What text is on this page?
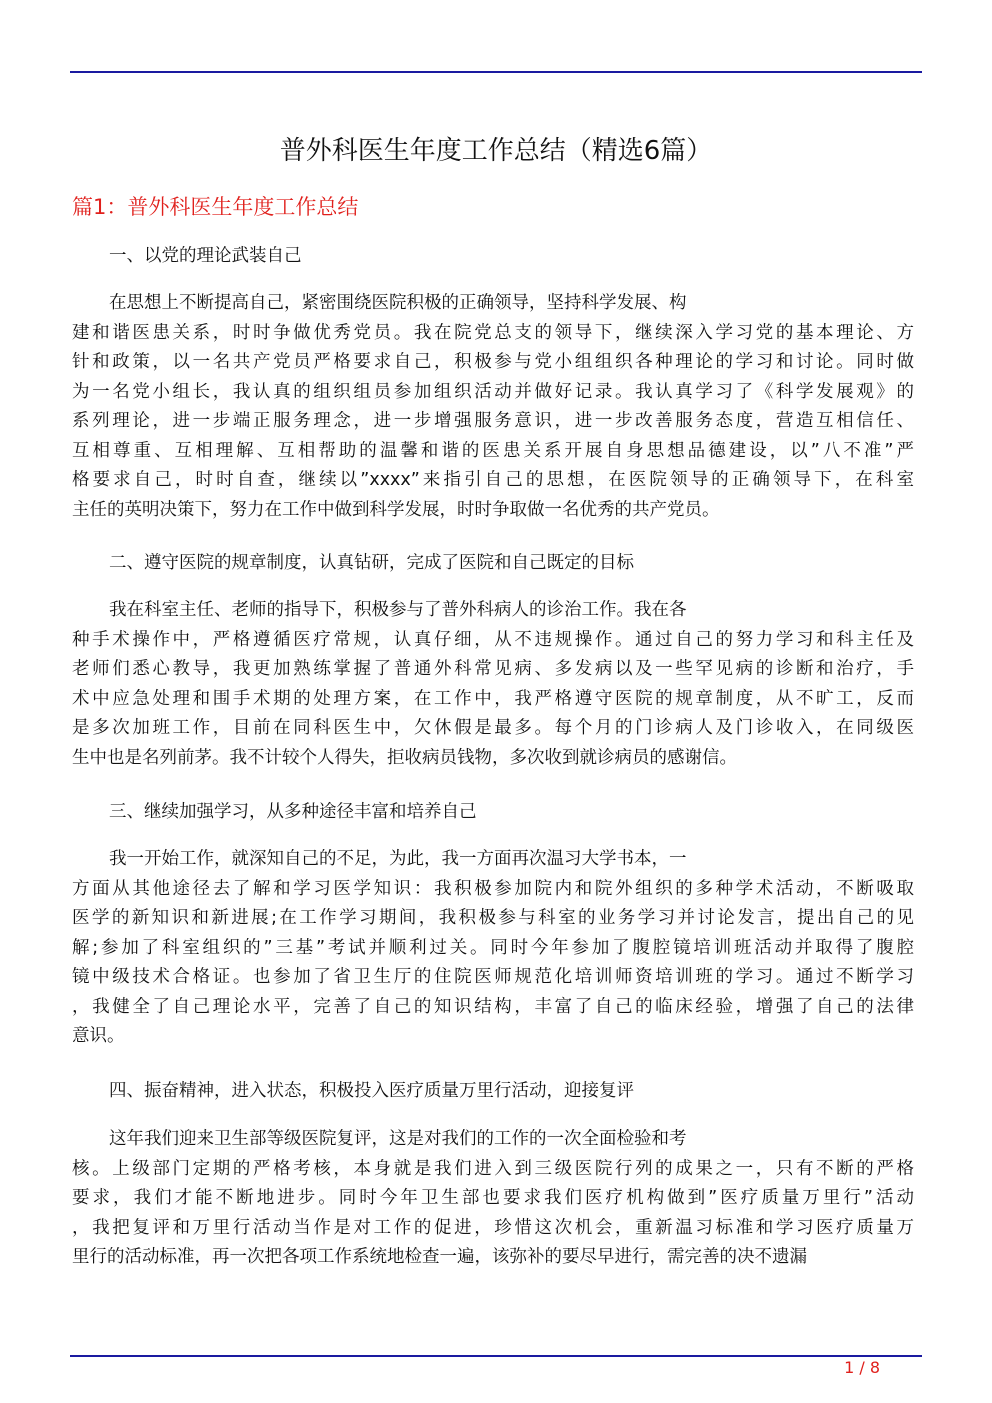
普外科医生年度工作总结（精选6篇）
篇1：普外科医生年度工作总结
一、以党的理论武装自己
在思想上不断提高自己，紧密围绕医院积极的正确领导，坚持科学发展、构
建和谐医患关系，时时争做优秀党员。我在院党总支的领导下，继续深入学习党的基本理论、方
针和政策，以一名共产党员严格要求自己，积极参与党小组组织各种理论的学习和讨论。同时做
为一名党小组长，我认真的组织组员参加组织活动并做好记录。我认真学习了《科学发展观》的
系列理论，进一步端正服务理念，进一步增强服务意识，进一步改善服务态度，营造互相信任、
互相尊重、互相理解、互相帮助的温馨和谐的医患关系开展自身思想品德建设，以”八不准”严
格要求自己，时时自查，继续以”xxxx”来指引自己的思想，在医院领导的正确领导下，在科室
主任的英明决策下，努力在工作中做到科学发展，时时争取做一名优秀的共产党员。
二、遵守医院的规章制度，认真钻研，完成了医院和自己既定的目标
我在科室主任、老师的指导下，积极参与了普外科病人的诊治工作。我在各
种手术操作中，严格遵循医疗常规，认真仔细，从不违规操作。通过自己的努力学习和科主任及
老师们悉心教导，我更加熟练掌握了普通外科常见病、多发病以及一些罕见病的诊断和治疗，手
术中应急处理和围手术期的处理方案，在工作中，我严格遵守医院的规章制度，从不旷工，反而
是多次加班工作，目前在同科医生中，欠休假是最多。每个月的门诊病人及门诊收入，在同级医
生中也是名列前茅。我不计较个人得失，拒收病员钱物，多次收到就诊病员的感谢信。
三、继续加强学习，从多种途径丰富和培养自己
我一开始工作，就深知自己的不足，为此，我一方面再次温习大学书本，一
方面从其他途径去了解和学习医学知识：我积极参加院内和院外组织的多种学术活动，不断吸取
医学的新知识和新进展;在工作学习期间，我积极参与科室的业务学习并讨论发言，提出自己的见
解;参加了科室组织的”三基”考试并顺利过关。同时今年参加了腹腔镜培训班活动并取得了腹腔
镜中级技术合格证。也参加了省卫生厅的住院医师规范化培训师资培训班的学习。通过不断学习
，我健全了自己理论水平，完善了自己的知识结构，丰富了自己的临床经验，增强了自己的法律
意识。
四、振奋精神，进入状态，积极投入医疗质量万里行活动，迎接复评
这年我们迎来卫生部等级医院复评，这是对我们的工作的一次全面检验和考
核。上级部门定期的严格考核，本身就是我们进入到三级医院行列的成果之一，只有不断的严格
要求，我们才能不断地进步。同时今年卫生部也要求我们医疗机构做到”医疗质量万里行”活动
，我把复评和万里行活动当作是对工作的促进，珍惜这次机会，重新温习标准和学习医疗质量万
里行的活动标准，再一次把各项工作系统地检查一遍，该弥补的要尽早进行，需完善的决不遗漏
1 / 8
